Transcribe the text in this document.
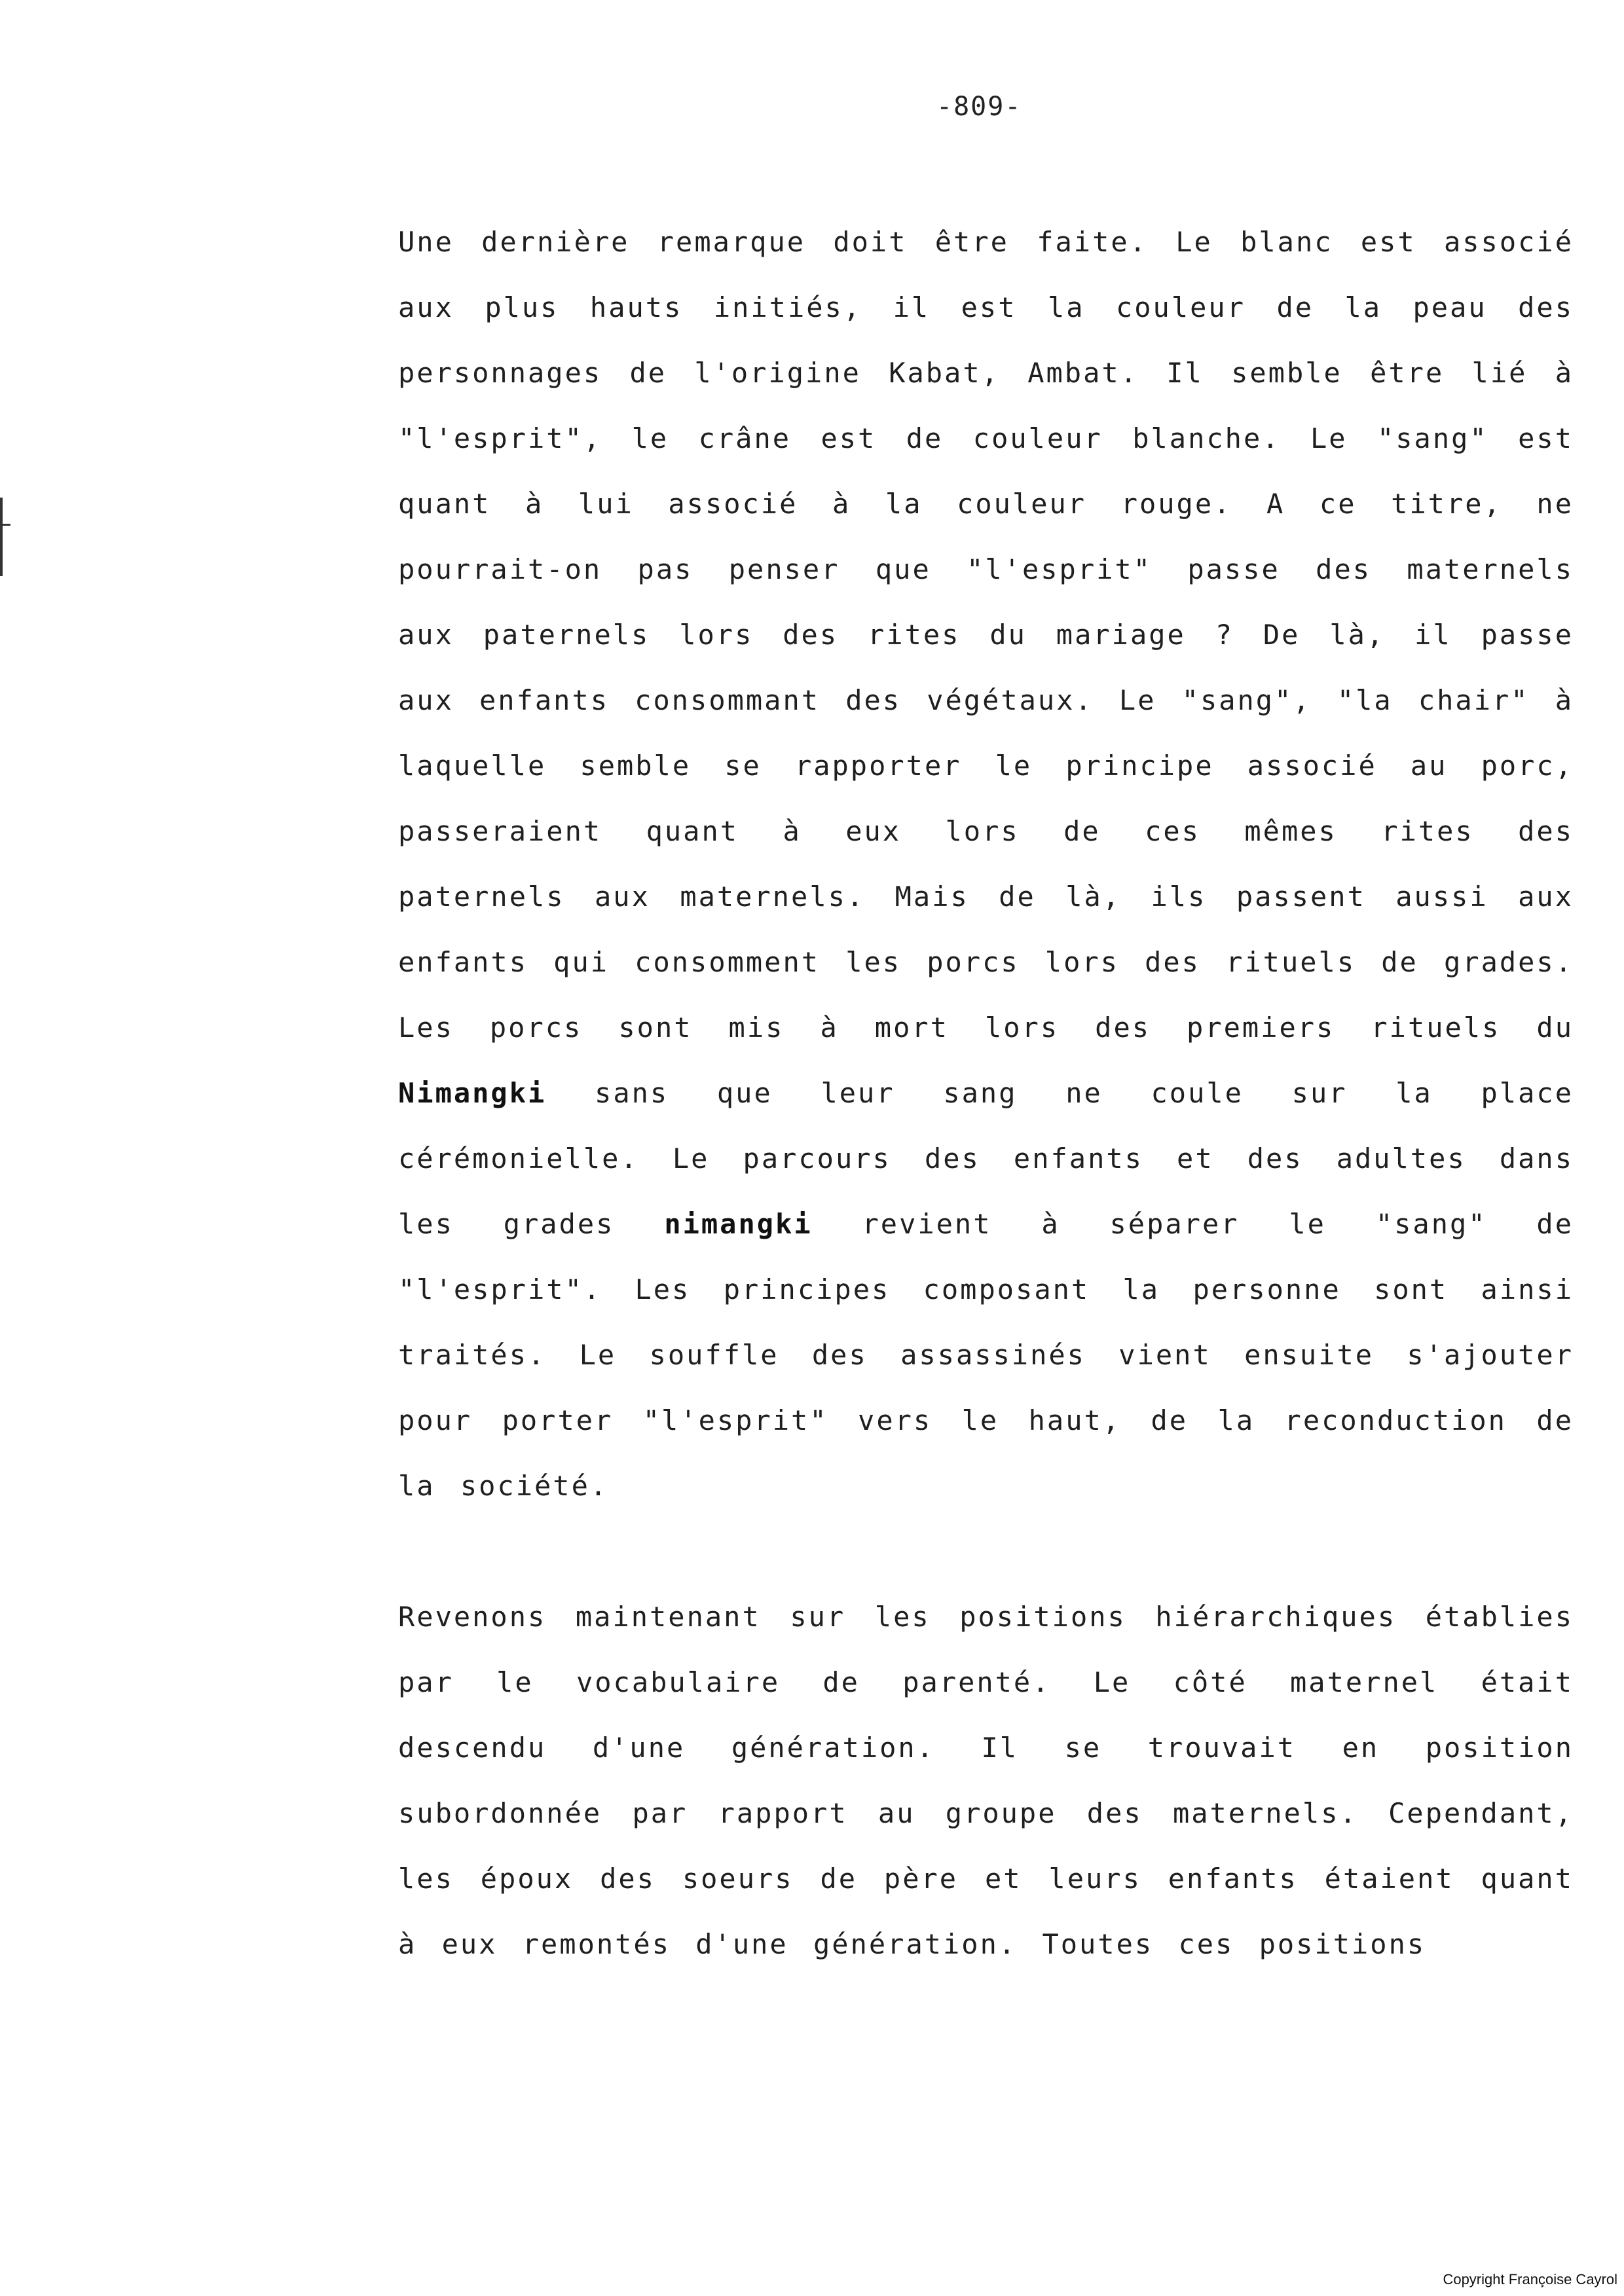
-809-
Une dernière remarque doit être faite. Le blanc est associé aux plus hauts initiés, il est la couleur de la peau des personnages de l'origine Kabat, Ambat. Il semble être lié à "l'esprit", le crâne est de couleur blanche. Le "sang" est quant à lui associé à la couleur rouge. A ce titre, ne pourrait-on pas penser que "l'esprit" passe des maternels aux paternels lors des rites du mariage ? De là, il passe aux enfants consommant des végétaux. Le "sang", "la chair" à laquelle semble se rapporter le principe associé au porc, passeraient quant à eux lors de ces mêmes rites des paternels aux maternels. Mais de là, ils passent aussi aux enfants qui consomment les porcs lors des rituels de grades. Les porcs sont mis à mort lors des premiers rituels du Nimangki sans que leur sang ne coule sur la place cérémonielle. Le parcours des enfants et des adultes dans les grades nimangki revient à séparer le "sang" de "l'esprit". Les principes composant la personne sont ainsi traités. Le souffle des assassinés vient ensuite s'ajouter pour porter "l'esprit" vers le haut, de la reconduction de la société.
Revenons maintenant sur les positions hiérarchiques établies par le vocabulaire de parenté. Le côté maternel était descendu d'une génération. Il se trouvait en position subordonnée par rapport au groupe des maternels. Cependant, les époux des soeurs de père et leurs enfants étaient quant à eux remontés d'une génération. Toutes ces positions
Copyright Françoise Cayrol
